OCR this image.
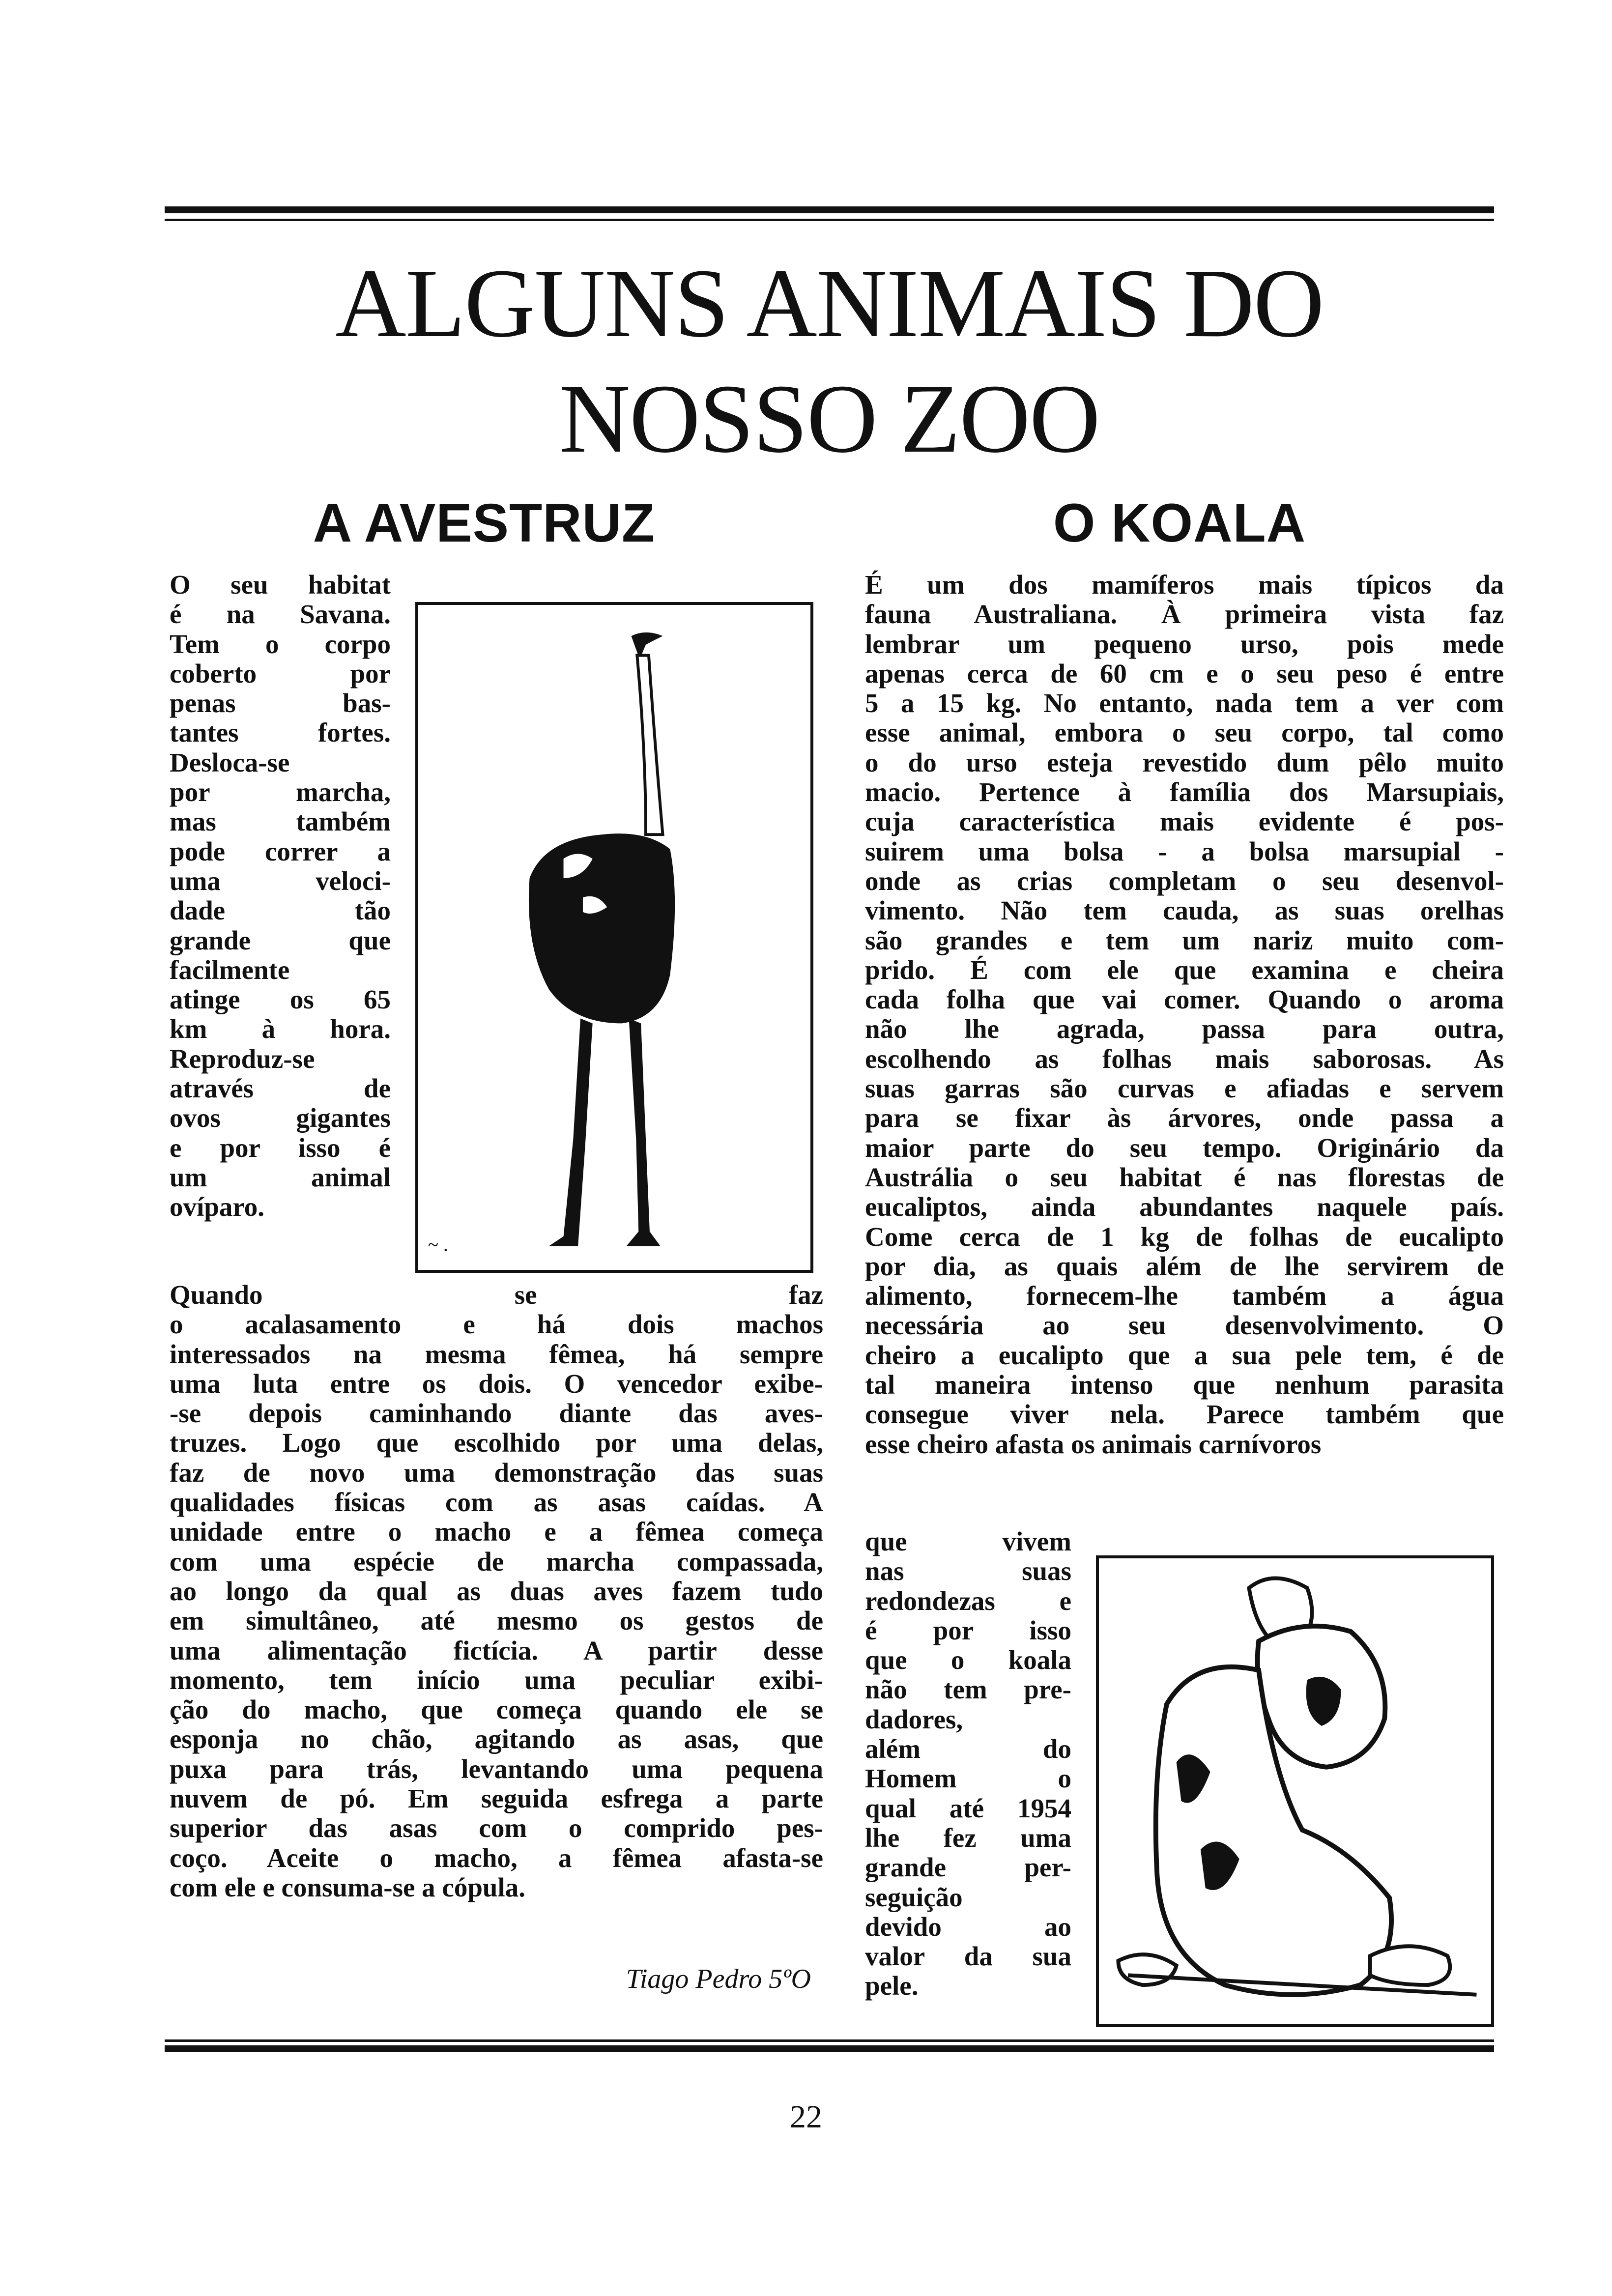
ALGUNS ANIMAIS DO
NOSSO ZOO
A AVESTRUZ	O KOALA

O seu habitat

é na Savana.

Tem o corpo

coberto por

penas bas-

tantes fortes.

Desloca-se

por marcha,

mas também

pode correr a

uma veloci-

dade tão

grande que

facilmente

atinge os 65

km à hora.

Reproduz-se

através de

ovos gigantes

e por isso é

um animal

ovíparo.

~ .

Quando se faz

o acalasamento e há dois machos

interessados na mesma fêmea, há sempre

uma luta entre os dois. O vencedor exibe-

-se depois caminhando diante das aves-

truzes. Logo que escolhido por uma delas,

faz de novo uma demonstração das suas

qualidades físicas com as asas caídas. A

unidade entre o macho e a fêmea começa

com uma espécie de marcha compassada,

ao longo da qual as duas aves fazem tudo

em simultâneo, até mesmo os gestos de

uma alimentação fictícia. A partir desse

momento, tem início uma peculiar exibi-

ção do macho, que começa quando ele se

esponja no chão, agitando as asas, que

puxa para trás, levantando uma pequena

nuvem de pó. Em seguida esfrega a parte

superior das asas com o comprido pes-

coço. Aceite o macho, a fêmea afasta-se

com ele e consuma-se a cópula.

Tiago Pedro 5ºO

É um dos mamíferos mais típicos da

fauna Australiana. À primeira vista faz

lembrar um pequeno urso, pois mede

apenas cerca de 60 cm e o seu peso é entre

5 a 15 kg. No entanto, nada tem a ver com

esse animal, embora o seu corpo, tal como

o do urso esteja revestido dum pêlo muito

macio. Pertence à família dos Marsupiais,

cuja característica mais evidente é pos-

suirem uma bolsa - a bolsa marsupial -

onde as crias completam o seu desenvol-

vimento. Não tem cauda, as suas orelhas

são grandes e tem um nariz muito com-

prido. É com ele que examina e cheira

cada folha que vai comer. Quando o aroma

não lhe agrada, passa para outra,

escolhendo as folhas mais saborosas. As

suas garras são curvas e afiadas e servem

para se fixar às árvores, onde passa a

maior parte do seu tempo. Originário da

Austrália o seu habitat é nas florestas de

eucaliptos, ainda abundantes naquele país.

Come cerca de 1 kg de folhas de eucalipto

por dia, as quais além de lhe servirem de

alimento, fornecem-lhe também a água

necessária ao seu desenvolvimento. O

cheiro a eucalipto que a sua pele tem, é de

tal maneira intenso que nenhum parasita

consegue viver nela. Parece também que

esse cheiro afasta os animais carnívoros

que vivem

nas suas

redondezas e

é por isso

que o koala

não tem pre-

dadores,

além do

Homem o

qual até 1954

lhe fez uma

grande per-

seguição

devido ao

valor da sua

pele.

22
